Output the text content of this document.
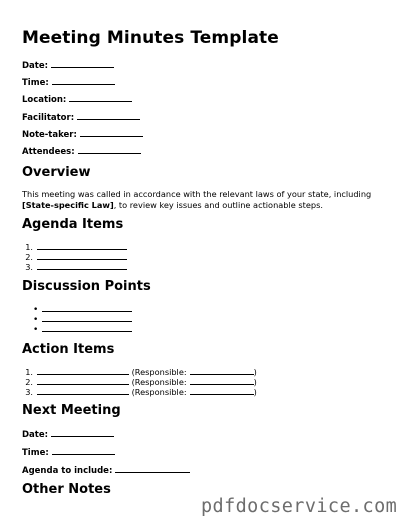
Meeting Minutes Template
Date:
Time:
Location:
Facilitator:
Note-taker:
Attendees:
Overview

This meeting was called in accordance with the relevant laws of your state, including [State-specific Law], to review key issues and outline actionable steps.

Agenda Items
1.
2.
3.
Discussion Points
•
•
•
Action Items
1.	(Responsible:	)
2.	(Responsible:	)
3.	(Responsible:	)
Next Meeting
Date:
Time:
Agenda to include:
Other Notes
pdfdocservice.com
